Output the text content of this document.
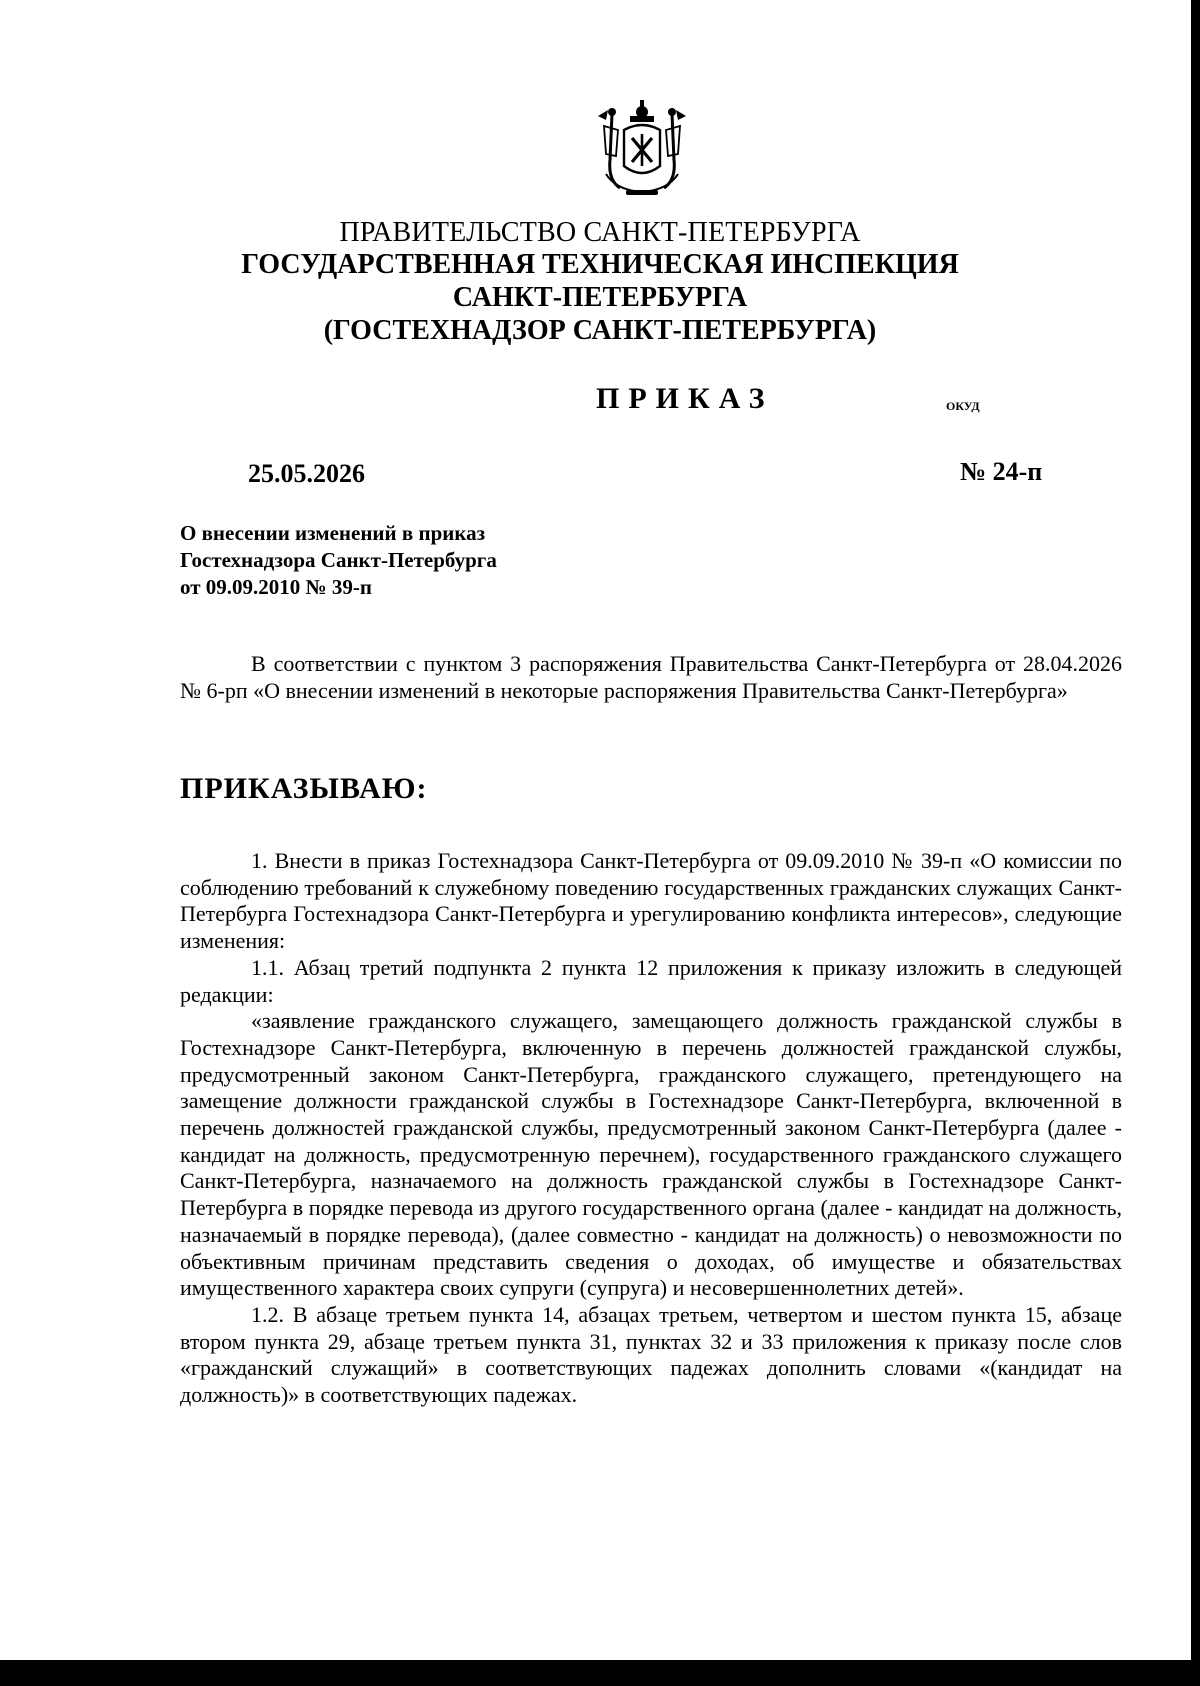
ПРАВИТЕЛЬСТВО САНКТ-ПЕТЕРБУРГА
ГОСУДАРСТВЕННАЯ ТЕХНИЧЕСКАЯ ИНСПЕКЦИЯ
САНКТ-ПЕТЕРБУРГА
(ГОСТЕХНАДЗОР САНКТ-ПЕТЕРБУРГА)
ПРИКАЗ	ОКУД
25.05.2026	№ 24-п
О внесении изменений в приказ
Гостехнадзора Санкт-Петербурга
от 09.09.2010 № 39-п

В соответствии с пунктом 3 распоряжения Правительства Санкт-Петербурга от 28.04.2026 № 6-рп «О внесении изменений в некоторые распоряжения Правительства Санкт-Петербурга»

ПРИКАЗЫВАЮ:

1. Внести в приказ Гостехнадзора Санкт-Петербурга от 09.09.2010 № 39-п «О комиссии по соблюдению требований к служебному поведению государственных гражданских служащих Санкт-Петербурга Гостехнадзора Санкт-Петербурга и урегулированию конфликта интересов», следующие изменения:

1.1. Абзац третий подпункта 2 пункта 12 приложения к приказу изложить в следующей редакции:

«заявление гражданского служащего, замещающего должность гражданской службы в Гостехнадзоре Санкт-Петербурга, включенную в перечень должностей гражданской службы, предусмотренный законом Санкт-Петербурга, гражданского служащего, претендующего на замещение должности гражданской службы в Гостехнадзоре Санкт-Петербурга, включенной в перечень должностей гражданской службы, предусмотренный законом Санкт-Петербурга (далее - кандидат на должность, предусмотренную перечнем), государственного гражданского служащего Санкт-Петербурга, назначаемого на должность гражданской службы в Гостехнадзоре Санкт-Петербурга в порядке перевода из другого государственного органа (далее - кандидат на должность, назначаемый в порядке перевода), (далее совместно - кандидат на должность) о невозможности по объективным причинам представить сведения о доходах, об имуществе и обязательствах имущественного характера своих супруги (супруга) и несовершеннолетних детей».

1.2. В абзаце третьем пункта 14, абзацах третьем, четвертом и шестом пункта 15, абзаце втором пункта 29, абзаце третьем пункта 31, пунктах 32 и 33 приложения к приказу после слов «гражданский служащий» в соответствующих падежах дополнить словами «(кандидат на должность)» в соответствующих падежах.
